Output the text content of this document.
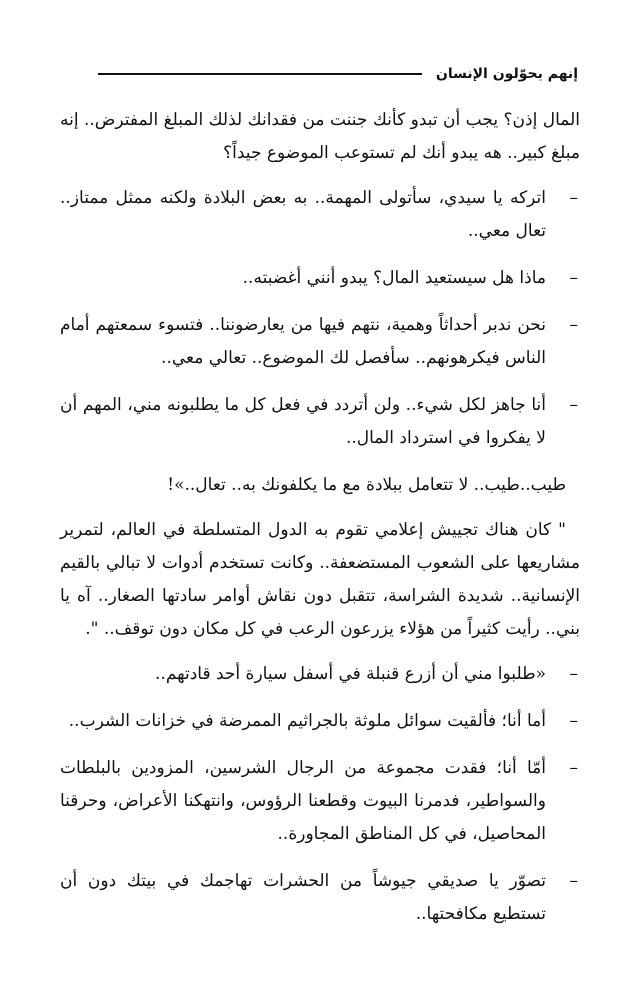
إنهم يحوّلون الإنسان

المال إذن؟ يجب أن تبدو كأنك جننت من فقدانك لذلك المبلغ المفترض.. إنه مبلغ كبير.. هه يبدو أنك لم تستوعب الموضوع جيداً؟

–
اتركه يا سيدي، سأتولى المهمة.. به بعض البلادة ولكنه ممثل ممتاز.. تعال معي..
–
ماذا هل سيستعيد المال؟ يبدو أنني أغضبته..
–
نحن ندبر أحداثاً وهمية، نتهم فيها من يعارضوننا.. فتسوء سمعتهم أمام الناس فيكرهونهم.. سأفصل لك الموضوع.. تعالي معي..
–
أنا جاهز لكل شيء.. ولن أتردد في فعل كل ما يطلبونه مني، المهم أن لا يفكروا في استرداد المال..

طيب..طيب.. لا تتعامل ببلادة مع ما يكلفونك به.. تعال..»!

" كان هناك تجييش إعلامي تقوم به الدول المتسلطة في العالم، لتمرير مشاريعها على الشعوب المستضعفة.. وكانت تستخدم أدوات لا تبالي بالقيم الإنسانية.. شديدة الشراسة، تتقبل دون نقاش أوامر سادتها الصغار.. آه يا بني.. رأيت كثيراً من هؤلاء يزرعون الرعب في كل مكان دون توقف.. ".

–
«طلبوا مني أن أزرع قنبلة في أسفل سيارة أحد قادتهم..
–
أما أنا؛ فألقيت سوائل ملوثة بالجراثيم الممرضة في خزانات الشرب..
–
أمّا أنا؛ فقدت مجموعة من الرجال الشرسين، المزودين بالبلطات والسواطير، فدمرنا البيوت وقطعنا الرؤوس، وانتهكنا الأعراض، وحرقنا المحاصيل، في كل المناطق المجاورة..
–
تصوّر يا صديقي جيوشاً من الحشرات تهاجمك في بيتك دون أن تستطيع مكافحتها..
